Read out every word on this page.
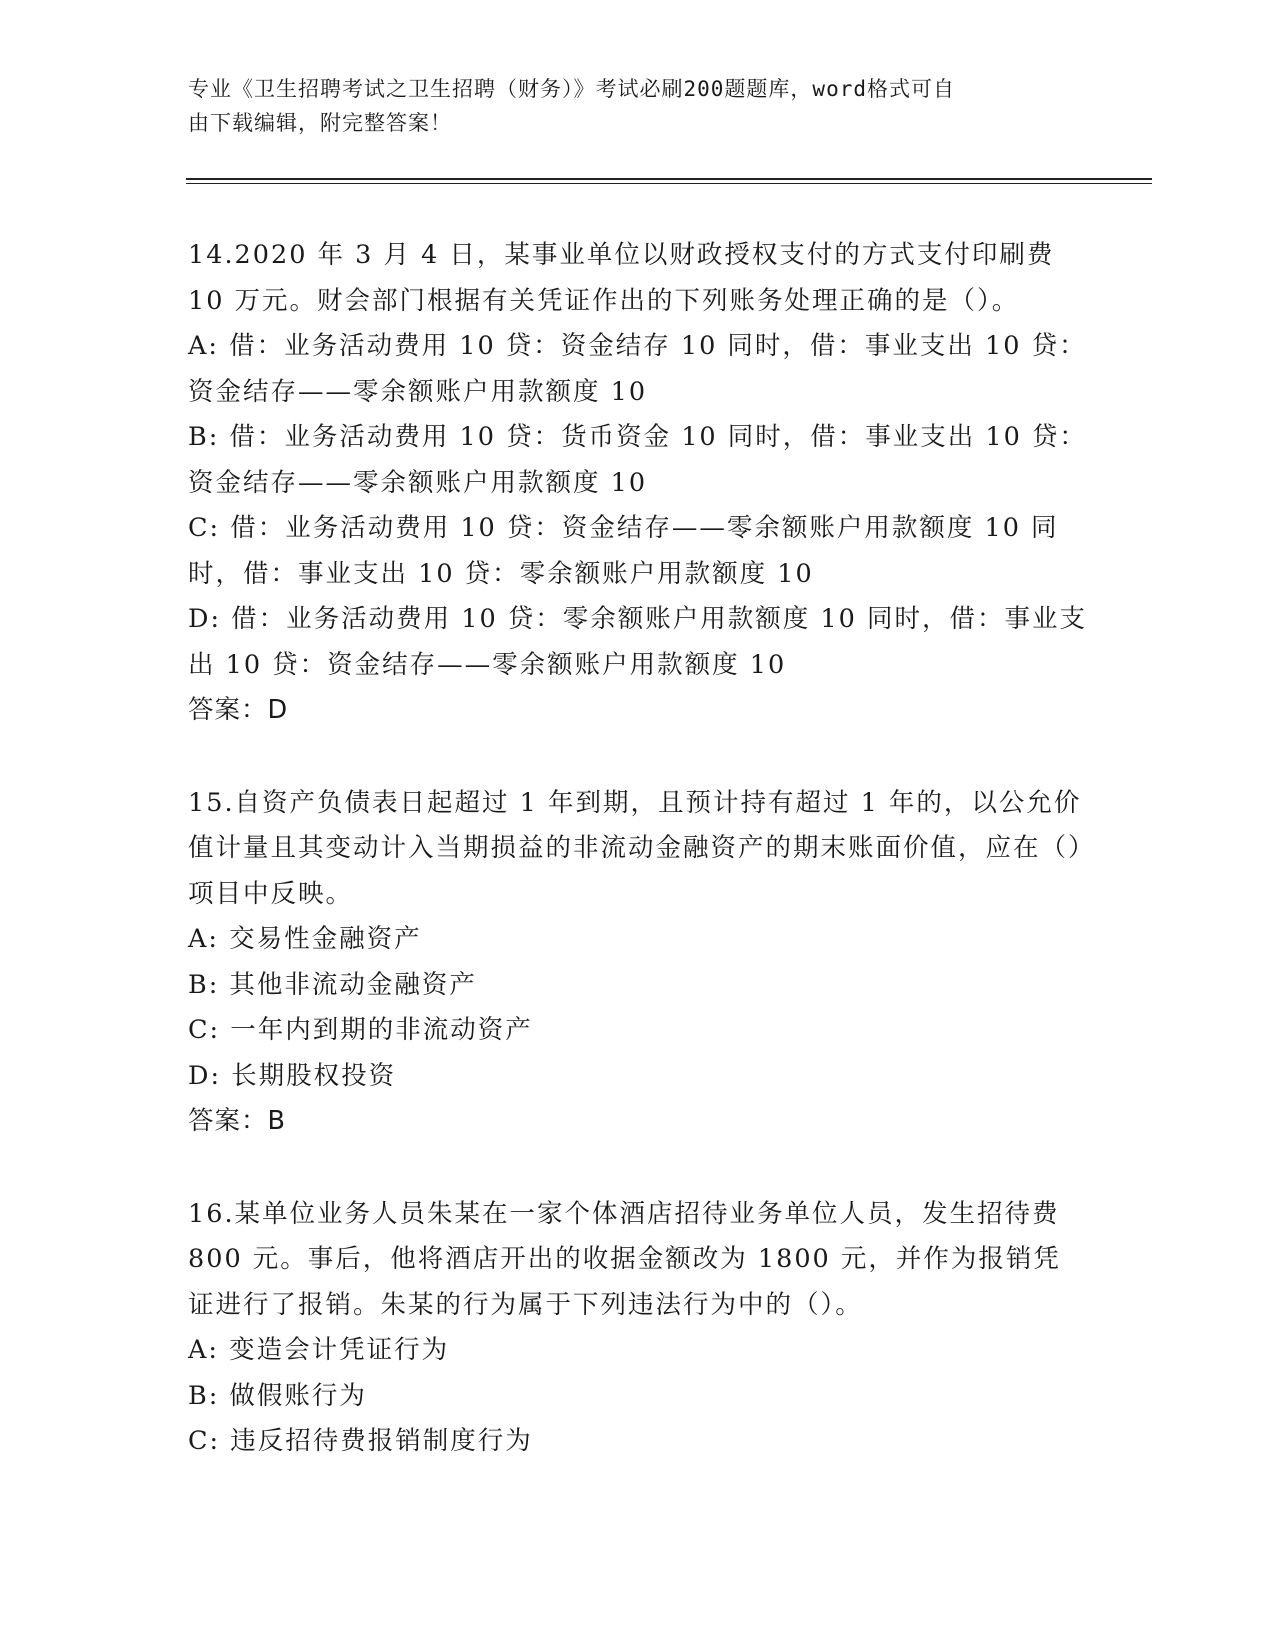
专业《卫生招聘考试之卫生招聘（财务）》考试必刷200题题库，word格式可自
由下载编辑，附完整答案！
14.2020 年 3 月 4 日，某事业单位以财政授权支付的方式支付印刷费10 万元。财会部门根据有关凭证作出的下列账务处理正确的是（）。
A: 借：业务活动费用 10 贷：资金结存 10 同时，借：事业支出 10 贷：资金结存——零余额账户用款额度 10
B: 借：业务活动费用 10 贷：货币资金 10 同时，借：事业支出 10 贷：资金结存——零余额账户用款额度 10
C: 借：业务活动费用 10 贷：资金结存——零余额账户用款额度 10 同时，借：事业支出 10 贷：零余额账户用款额度 10
D: 借：业务活动费用 10 贷：零余额账户用款额度 10 同时，借：事业支出 10 贷：资金结存——零余额账户用款额度 10
答案：D
15.自资产负债表日起超过 1 年到期，且预计持有超过 1 年的，以公允价值计量且其变动计入当期损益的非流动金融资产的期末账面价值，应在（）项目中反映。
A: 交易性金融资产
B: 其他非流动金融资产
C: 一年内到期的非流动资产
D: 长期股权投资
答案：B
16.某单位业务人员朱某在一家个体酒店招待业务单位人员，发生招待费 800 元。事后，他将酒店开出的收据金额改为 1800 元，并作为报销凭证进行了报销。朱某的行为属于下列违法行为中的（）。
A: 变造会计凭证行为
B: 做假账行为
C: 违反招待费报销制度行为
